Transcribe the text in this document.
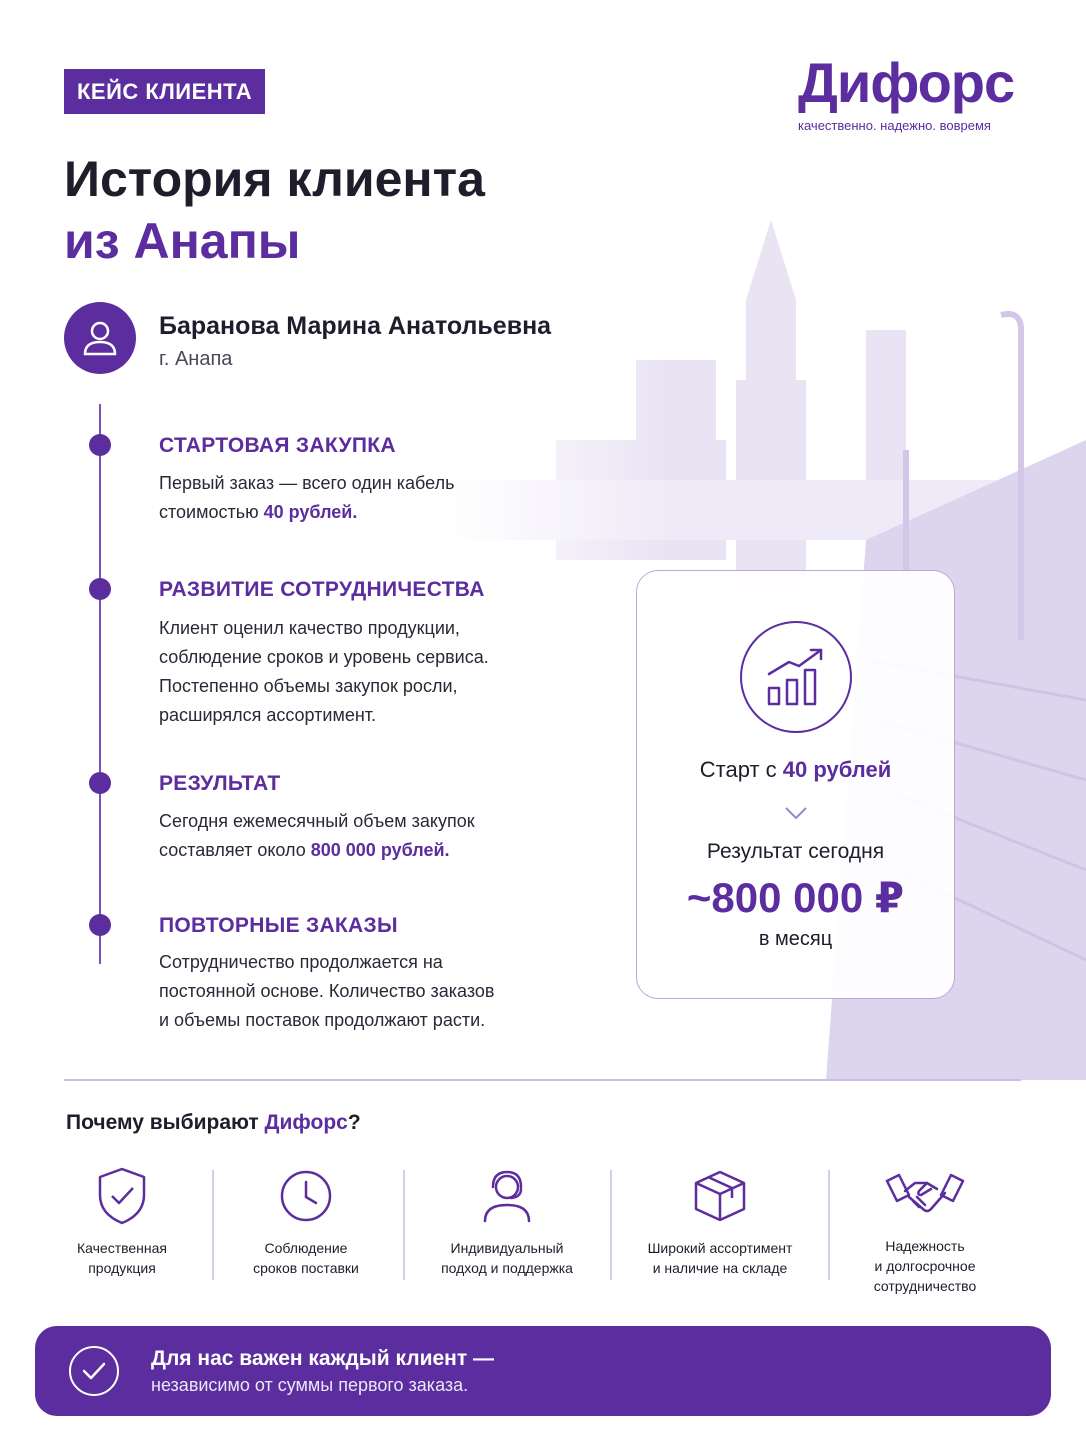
КЕЙС КЛИЕНТА	Дифорс
качественно. надежно. вовремя
История клиента
из Анапы
Баранова Марина Анатольевна
г. Анапа
СТАРТОВАЯ ЗАКУПКА
Первый заказ — всего один кабель
стоимостью 40 рублей.
РАЗВИТИЕ СОТРУДНИЧЕСТВА
Клиент оценил качество продукции,
соблюдение сроков и уровень сервиса.
Постепенно объемы закупок росли,
расширялся ассортимент.
РЕЗУЛЬТАТ
Сегодня ежемесячный объем закупок
составляет около 800 000 рублей.
ПОВТОРНЫЕ ЗАКАЗЫ
Сотрудничество продолжается на
постоянной основе. Количество заказов
и объемы поставок продолжают расти.
Старт с 40 рублей
Результат сегодня
~800 000 ₽
в месяц
Почему выбирают Дифорс?
Качественная
продукция
Соблюдение
сроков поставки
Индивидуальный
подход и поддержка
Широкий ассортимент
и наличие на складе
Надежность
и долгосрочное
сотрудничество
Для нас важен каждый клиент —
независимо от суммы первого заказа.
